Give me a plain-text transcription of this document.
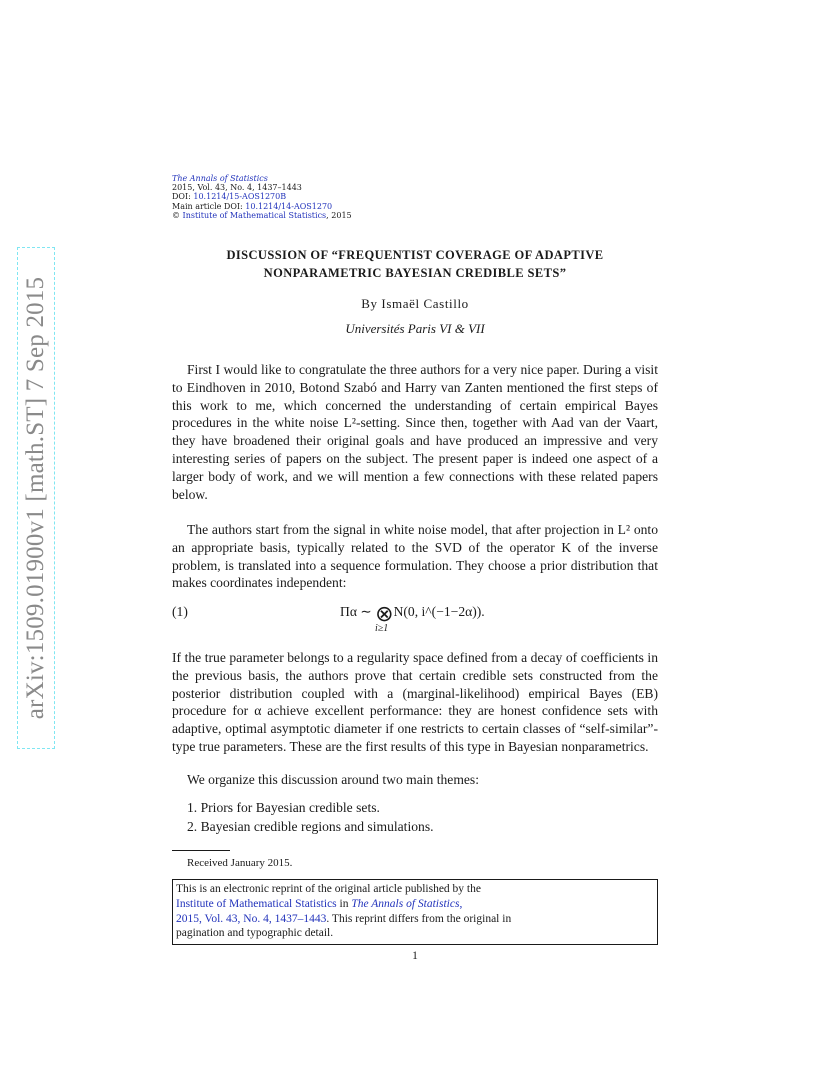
arXiv:1509.01900v1 [math.ST] 7 Sep 2015
The Annals of Statistics
2015, Vol. 43, No. 4, 1437–1443
DOI: 10.1214/15-AOS1270B
Main article DOI: 10.1214/14-AOS1270
© Institute of Mathematical Statistics, 2015
DISCUSSION OF “FREQUENTIST COVERAGE OF ADAPTIVE
NONPARAMETRIC BAYESIAN CREDIBLE SETS”
By Ismaël Castillo
Universités Paris VI & VII
First I would like to congratulate the three authors for a very nice paper. During a visit to Eindhoven in 2010, Botond Szabó and Harry van Zanten mentioned the first steps of this work to me, which concerned the understanding of certain empirical Bayes procedures in the white noise L²-setting. Since then, together with Aad van der Vaart, they have broadened their original goals and have produced an impressive and very interesting series of papers on the subject. The present paper is indeed one aspect of a larger body of work, and we will mention a few connections with these related papers below.
The authors start from the signal in white noise model, that after projection in L² onto an appropriate basis, typically related to the SVD of the operator K of the inverse problem, is translated into a sequence formulation. They choose a prior distribution that makes coordinates independent:
(1)	Πα ∼ ⊗N(0, i^(−1−2α)).
i≥1
If the true parameter belongs to a regularity space defined from a decay of coefficients in the previous basis, the authors prove that certain credible sets constructed from the posterior distribution coupled with a (marginal-likelihood) empirical Bayes (EB) procedure for α achieve excellent performance: they are honest confidence sets with adaptive, optimal asymptotic diameter if one restricts to certain classes of “self-similar”-type true parameters. These are the first results of this type in Bayesian nonparametrics.
We organize this discussion around two main themes:
1. Priors for Bayesian credible sets.
2. Bayesian credible regions and simulations.
Received January 2015.
This is an electronic reprint of the original article published by the
Institute of Mathematical Statistics in The Annals of Statistics,
2015, Vol. 43, No. 4, 1437–1443. This reprint differs from the original in
pagination and typographic detail.
1
